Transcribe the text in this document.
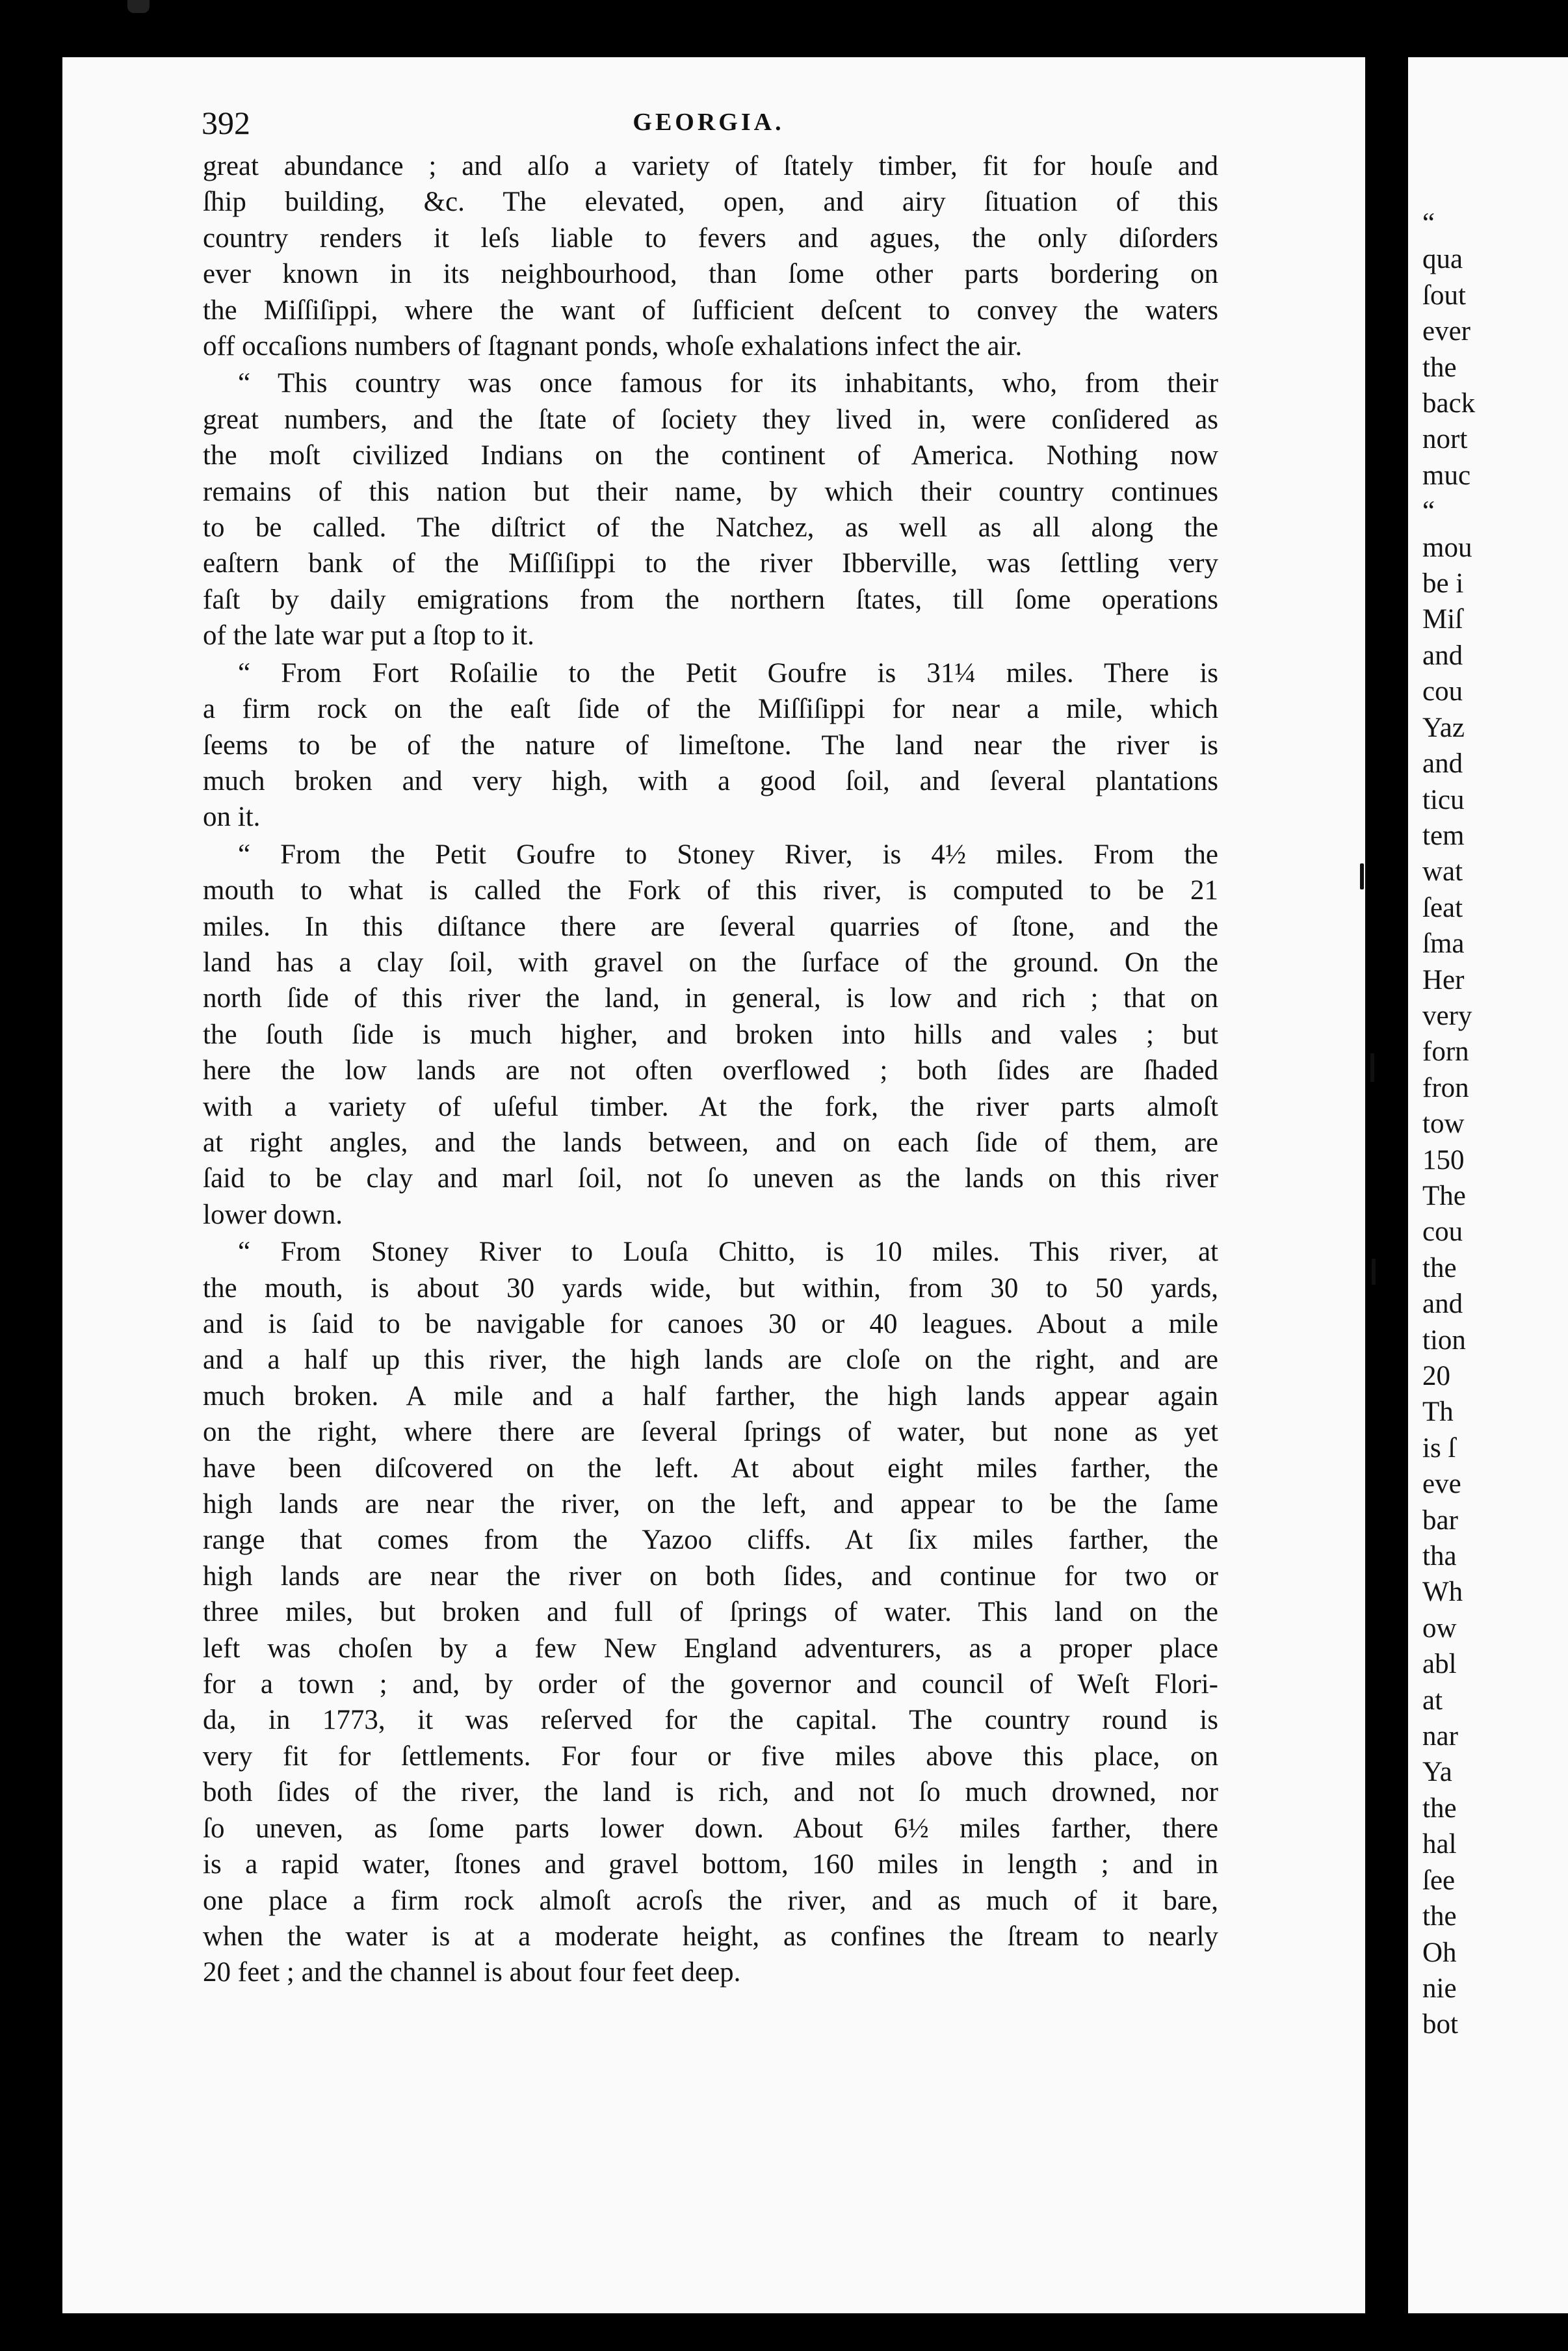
392	GEORGIA.
great abundance ; and alſo a variety of ſtately timber, fit for houſe and
ſhip building, &c. The elevated, open, and airy ſituation of this
country renders it leſs liable to fevers and agues, the only diſorders
ever known in its neighbourhood, than ſome other parts bordering on
the Miſſiſippi, where the want of ſufficient deſcent to convey the waters
off occaſions numbers of ſtagnant ponds, whoſe exhalations infect the air.
“ This country was once famous for its inhabitants, who, from their
great numbers, and the ſtate of ſociety they lived in, were conſidered as
the moſt civilized Indians on the continent of America. Nothing now
remains of this nation but their name, by which their country continues
to be called. The diſtrict of the Natchez, as well as all along the
eaſtern bank of the Miſſiſippi to the river Ibberville, was ſettling very
faſt by daily emigrations from the northern ſtates, till ſome operations
of the late war put a ſtop to it.
“ From Fort Roſailie to the Petit Goufre is 31¼ miles. There is
a firm rock on the eaſt ſide of the Miſſiſippi for near a mile, which
ſeems to be of the nature of limeſtone. The land near the river is
much broken and very high, with a good ſoil, and ſeveral plantations
on it.
“ From the Petit Goufre to Stoney River, is 4½ miles. From the
mouth to what is called the Fork of this river, is computed to be 21
miles. In this diſtance there are ſeveral quarries of ſtone, and the
land has a clay ſoil, with gravel on the ſurface of the ground. On the
north ſide of this river the land, in general, is low and rich ; that on
the ſouth ſide is much higher, and broken into hills and vales ; but
here the low lands are not often overflowed ; both ſides are ſhaded
with a variety of uſeful timber. At the fork, the river parts almoſt
at right angles, and the lands between, and on each ſide of them, are
ſaid to be clay and marl ſoil, not ſo uneven as the lands on this river
lower down.
“ From Stoney River to Louſa Chitto, is 10 miles. This river, at
the mouth, is about 30 yards wide, but within, from 30 to 50 yards,
and is ſaid to be navigable for canoes 30 or 40 leagues. About a mile
and a half up this river, the high lands are cloſe on the right, and are
much broken. A mile and a half farther, the high lands appear again
on the right, where there are ſeveral ſprings of water, but none as yet
have been diſcovered on the left. At about eight miles farther, the
high lands are near the river, on the left, and appear to be the ſame
range that comes from the Yazoo cliffs. At ſix miles farther, the
high lands are near the river on both ſides, and continue for two or
three miles, but broken and full of ſprings of water. This land on the
left was choſen by a few New England adventurers, as a proper place
for a town ; and, by order of the governor and council of Weſt Flori-
da, in 1773, it was reſerved for the capital. The country round is
very fit for ſettlements. For four or five miles above this place, on
both ſides of the river, the land is rich, and not ſo much drowned, nor
ſo uneven, as ſome parts lower down. About 6½ miles farther, there
is a rapid water, ſtones and gravel bottom, 160 miles in length ; and in
one place a firm rock almoſt acroſs the river, and as much of it bare,
when the water is at a moderate height, as confines the ſtream to nearly
20 feet ; and the channel is about four feet deep.
“
qua
ſout
ever
the
back
nort
muc
“
mou
be i
Miſ
and
cou
Yaz
and
ticu
tem
wat
ſeat
ſma
Her
very
forn
fron
tow
150
The
cou
the
and
tion
20
Th
is ſ
eve
bar
tha
Wh
ow
abl
at
nar
Ya
the
hal
ſee
the
Oh
nie
bot
